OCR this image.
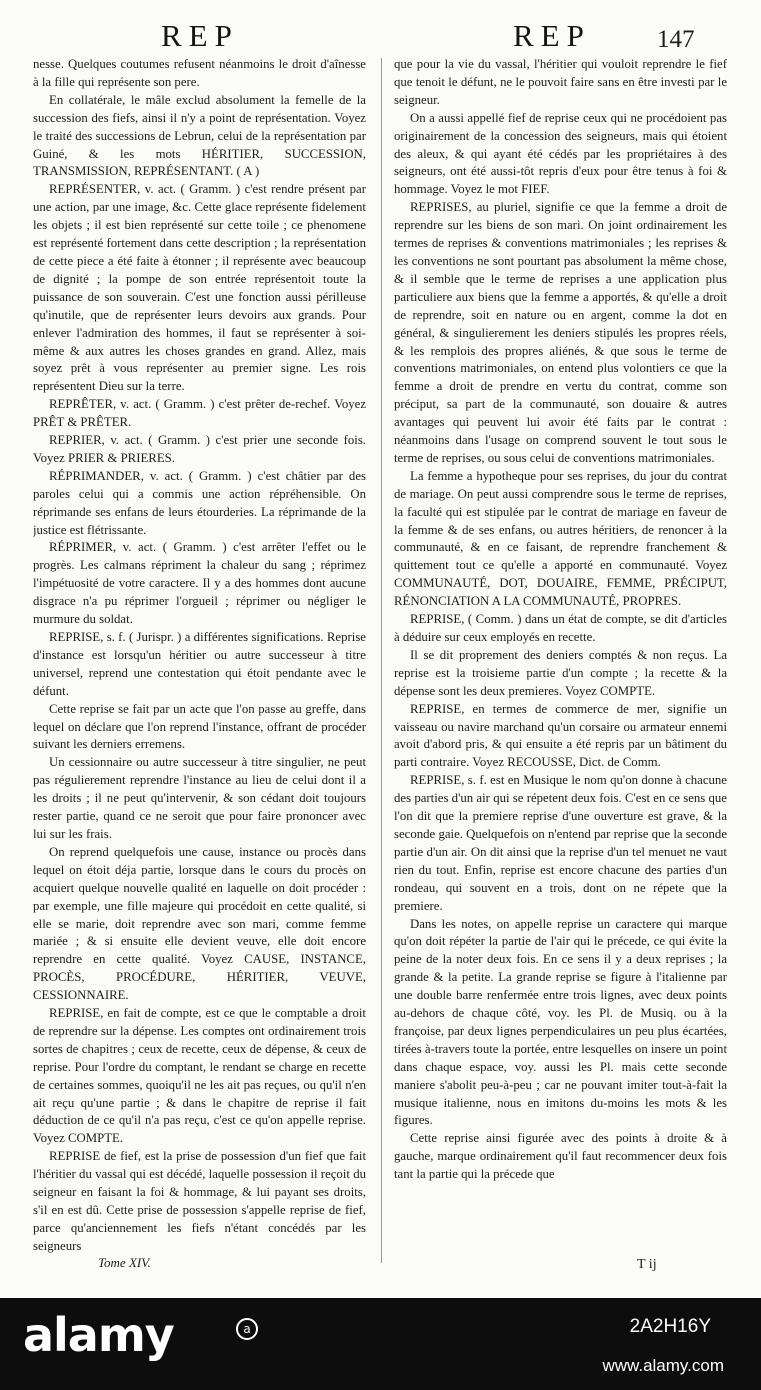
REP	REP	147

nesse. Quelques coutumes refusent néanmoins le droit d'aînesse à la fille qui représente son pere.

En collatérale, le mâle exclud absolument la femelle de la succession des fiefs, ainsi il n'y a point de représentation. Voyez le traité des successions de Lebrun, celui de la représentation par Guiné, & les mots HÉRITIER, SUCCESSION, TRANSMISSION, REPRÉSENTANT. ( A )

REPRÉSENTER, v. act. ( Gramm. ) c'est rendre présent par une action, par une image, &c. Cette glace représente fidelement les objets ; il est bien représenté sur cette toile ; ce phenomene est représenté fortement dans cette description ; la représentation de cette piece a été faite à étonner ; il représente avec beaucoup de dignité ; la pompe de son entrée représentoit toute la puissance de son souverain. C'est une fonction aussi périlleuse qu'inutile, que de représenter leurs devoirs aux grands. Pour enlever l'admiration des hommes, il faut se représenter à soi-même & aux autres les choses grandes en grand. Allez, mais soyez prêt à vous représenter au premier signe. Les rois représentent Dieu sur la terre.

REPRÊTER, v. act. ( Gramm. ) c'est prêter de-rechef. Voyez PRÊT & PRÊTER.

REPRIER, v. act. ( Gramm. ) c'est prier une seconde fois. Voyez PRIER & PRIERES.

RÉPRIMANDER, v. act. ( Gramm. ) c'est châtier par des paroles celui qui a commis une action répréhensible. On réprimande ses enfans de leurs étourderies. La réprimande de la justice est flétrissante.

RÉPRIMER, v. act. ( Gramm. ) c'est arrêter l'effet ou le progrès. Les calmans répriment la chaleur du sang ; réprimez l'impétuosité de votre caractere. Il y a des hommes dont aucune disgrace n'a pu réprimer l'orgueil ; réprimer ou négliger le murmure du soldat.

REPRISE, s. f. ( Jurispr. ) a différentes significations. Reprise d'instance est lorsqu'un héritier ou autre successeur à titre universel, reprend une contestation qui étoit pendante avec le défunt.

Cette reprise se fait par un acte que l'on passe au greffe, dans lequel on déclare que l'on reprend l'instance, offrant de procéder suivant les derniers erremens.

Un cessionnaire ou autre successeur à titre singulier, ne peut pas régulierement reprendre l'instance au lieu de celui dont il a les droits ; il ne peut qu'intervenir, & son cédant doit toujours rester partie, quand ce ne seroit que pour faire prononcer avec lui sur les frais.

On reprend quelquefois une cause, instance ou procès dans lequel on étoit déja partie, lorsque dans le cours du procès on acquiert quelque nouvelle qualité en laquelle on doit procéder : par exemple, une fille majeure qui procédoit en cette qualité, si elle se marie, doit reprendre avec son mari, comme femme mariée ; & si ensuite elle devient veuve, elle doit encore reprendre en cette qualité. Voyez CAUSE, INSTANCE, PROCÈS, PROCÉDURE, HÉRITIER, VEUVE, CESSIONNAIRE.

REPRISE, en fait de compte, est ce que le comptable a droit de reprendre sur la dépense. Les comptes ont ordinairement trois sortes de chapitres ; ceux de recette, ceux de dépense, & ceux de reprise. Pour l'ordre du comptant, le rendant se charge en recette de certaines sommes, quoiqu'il ne les ait pas reçues, ou qu'il n'en ait reçu qu'une partie ; & dans le chapitre de reprise il fait déduction de ce qu'il n'a pas reçu, c'est ce qu'on appelle reprise. Voyez COMPTE.

REPRISE de fief, est la prise de possession d'un fief que fait l'héritier du vassal qui est décédé, laquelle possession il reçoit du seigneur en faisant la foi & hommage, & lui payant ses droits, s'il en est dû. Cette prise de possession s'appelle reprise de fief, parce qu'anciennement les fiefs n'étant concédés par les seigneurs

que pour la vie du vassal, l'héritier qui vouloit reprendre le fief que tenoit le défunt, ne le pouvoit faire sans en être investi par le seigneur.

On a aussi appellé fief de reprise ceux qui ne procédoient pas originairement de la concession des seigneurs, mais qui étoient des aleux, & qui ayant été cédés par les propriétaires à des seigneurs, ont été aussi-tôt repris d'eux pour être tenus à foi & hommage. Voyez le mot FIEF.

REPRISES, au pluriel, signifie ce que la femme a droit de reprendre sur les biens de son mari. On joint ordinairement les termes de reprises & conventions matrimoniales ; les reprises & les conventions ne sont pourtant pas absolument la même chose, & il semble que le terme de reprises a une application plus particuliere aux biens que la femme a apportés, & qu'elle a droit de reprendre, soit en nature ou en argent, comme la dot en général, & singulierement les deniers stipulés les propres réels, & les remplois des propres aliénés, & que sous le terme de conventions matrimoniales, on entend plus volontiers ce que la femme a droit de prendre en vertu du contrat, comme son préciput, sa part de la communauté, son douaire & autres avantages qui peuvent lui avoir été faits par le contrat : néanmoins dans l'usage on comprend souvent le tout sous le terme de reprises, ou sous celui de conventions matrimoniales.

La femme a hypotheque pour ses reprises, du jour du contrat de mariage. On peut aussi comprendre sous le terme de reprises, la faculté qui est stipulée par le contrat de mariage en faveur de la femme & de ses enfans, ou autres héritiers, de renoncer à la communauté, & en ce faisant, de reprendre franchement & quittement tout ce qu'elle a apporté en communauté. Voyez COMMUNAUTÉ, DOT, DOUAIRE, FEMME, PRÉCIPUT, RÉNONCIATION A LA COMMUNAUTÉ, PROPRES.

REPRISE, ( Comm. ) dans un état de compte, se dit d'articles à déduire sur ceux employés en recette.

Il se dit proprement des deniers comptés & non reçus. La reprise est la troisieme partie d'un compte ; la recette & la dépense sont les deux premieres. Voyez COMPTE.

REPRISE, en termes de commerce de mer, signifie un vaisseau ou navire marchand qu'un corsaire ou armateur ennemi avoit d'abord pris, & qui ensuite a été repris par un bâtiment du parti contraire. Voyez RECOUSSE, Dict. de Comm.

REPRISE, s. f. est en Musique le nom qu'on donne à chacune des parties d'un air qui se répetent deux fois. C'est en ce sens que l'on dit que la premiere reprise d'une ouverture est grave, & la seconde gaie. Quelquefois on n'entend par reprise que la seconde partie d'un air. On dit ainsi que la reprise d'un tel menuet ne vaut rien du tout. Enfin, reprise est encore chacune des parties d'un rondeau, qui souvent en a trois, dont on ne répete que la premiere.

Dans les notes, on appelle reprise un caractere qui marque qu'on doit répéter la partie de l'air qui le précede, ce qui évite la peine de la noter deux fois. En ce sens il y a deux reprises ; la grande & la petite. La grande reprise se figure à l'italienne par une double barre renfermée entre trois lignes, avec deux points au-dehors de chaque côté, voy. les Pl. de Musiq. ou à la françoise, par deux lignes perpendiculaires un peu plus écartées, tirées à-travers toute la portée, entre lesquelles on insere un point dans chaque espace, voy. aussi les Pl. mais cette seconde maniere s'abolit peu-à-peu ; car ne pouvant imiter tout-à-fait la musique italienne, nous en imitons du-moins les mots & les figures.

Cette reprise ainsi figurée avec des points à droite & à gauche, marque ordinairement qu'il faut recommencer deux fois tant la partie qui la précede que

Tome XIV.	T ij
alamy	a	2A2H16Y
www.alamy.com
